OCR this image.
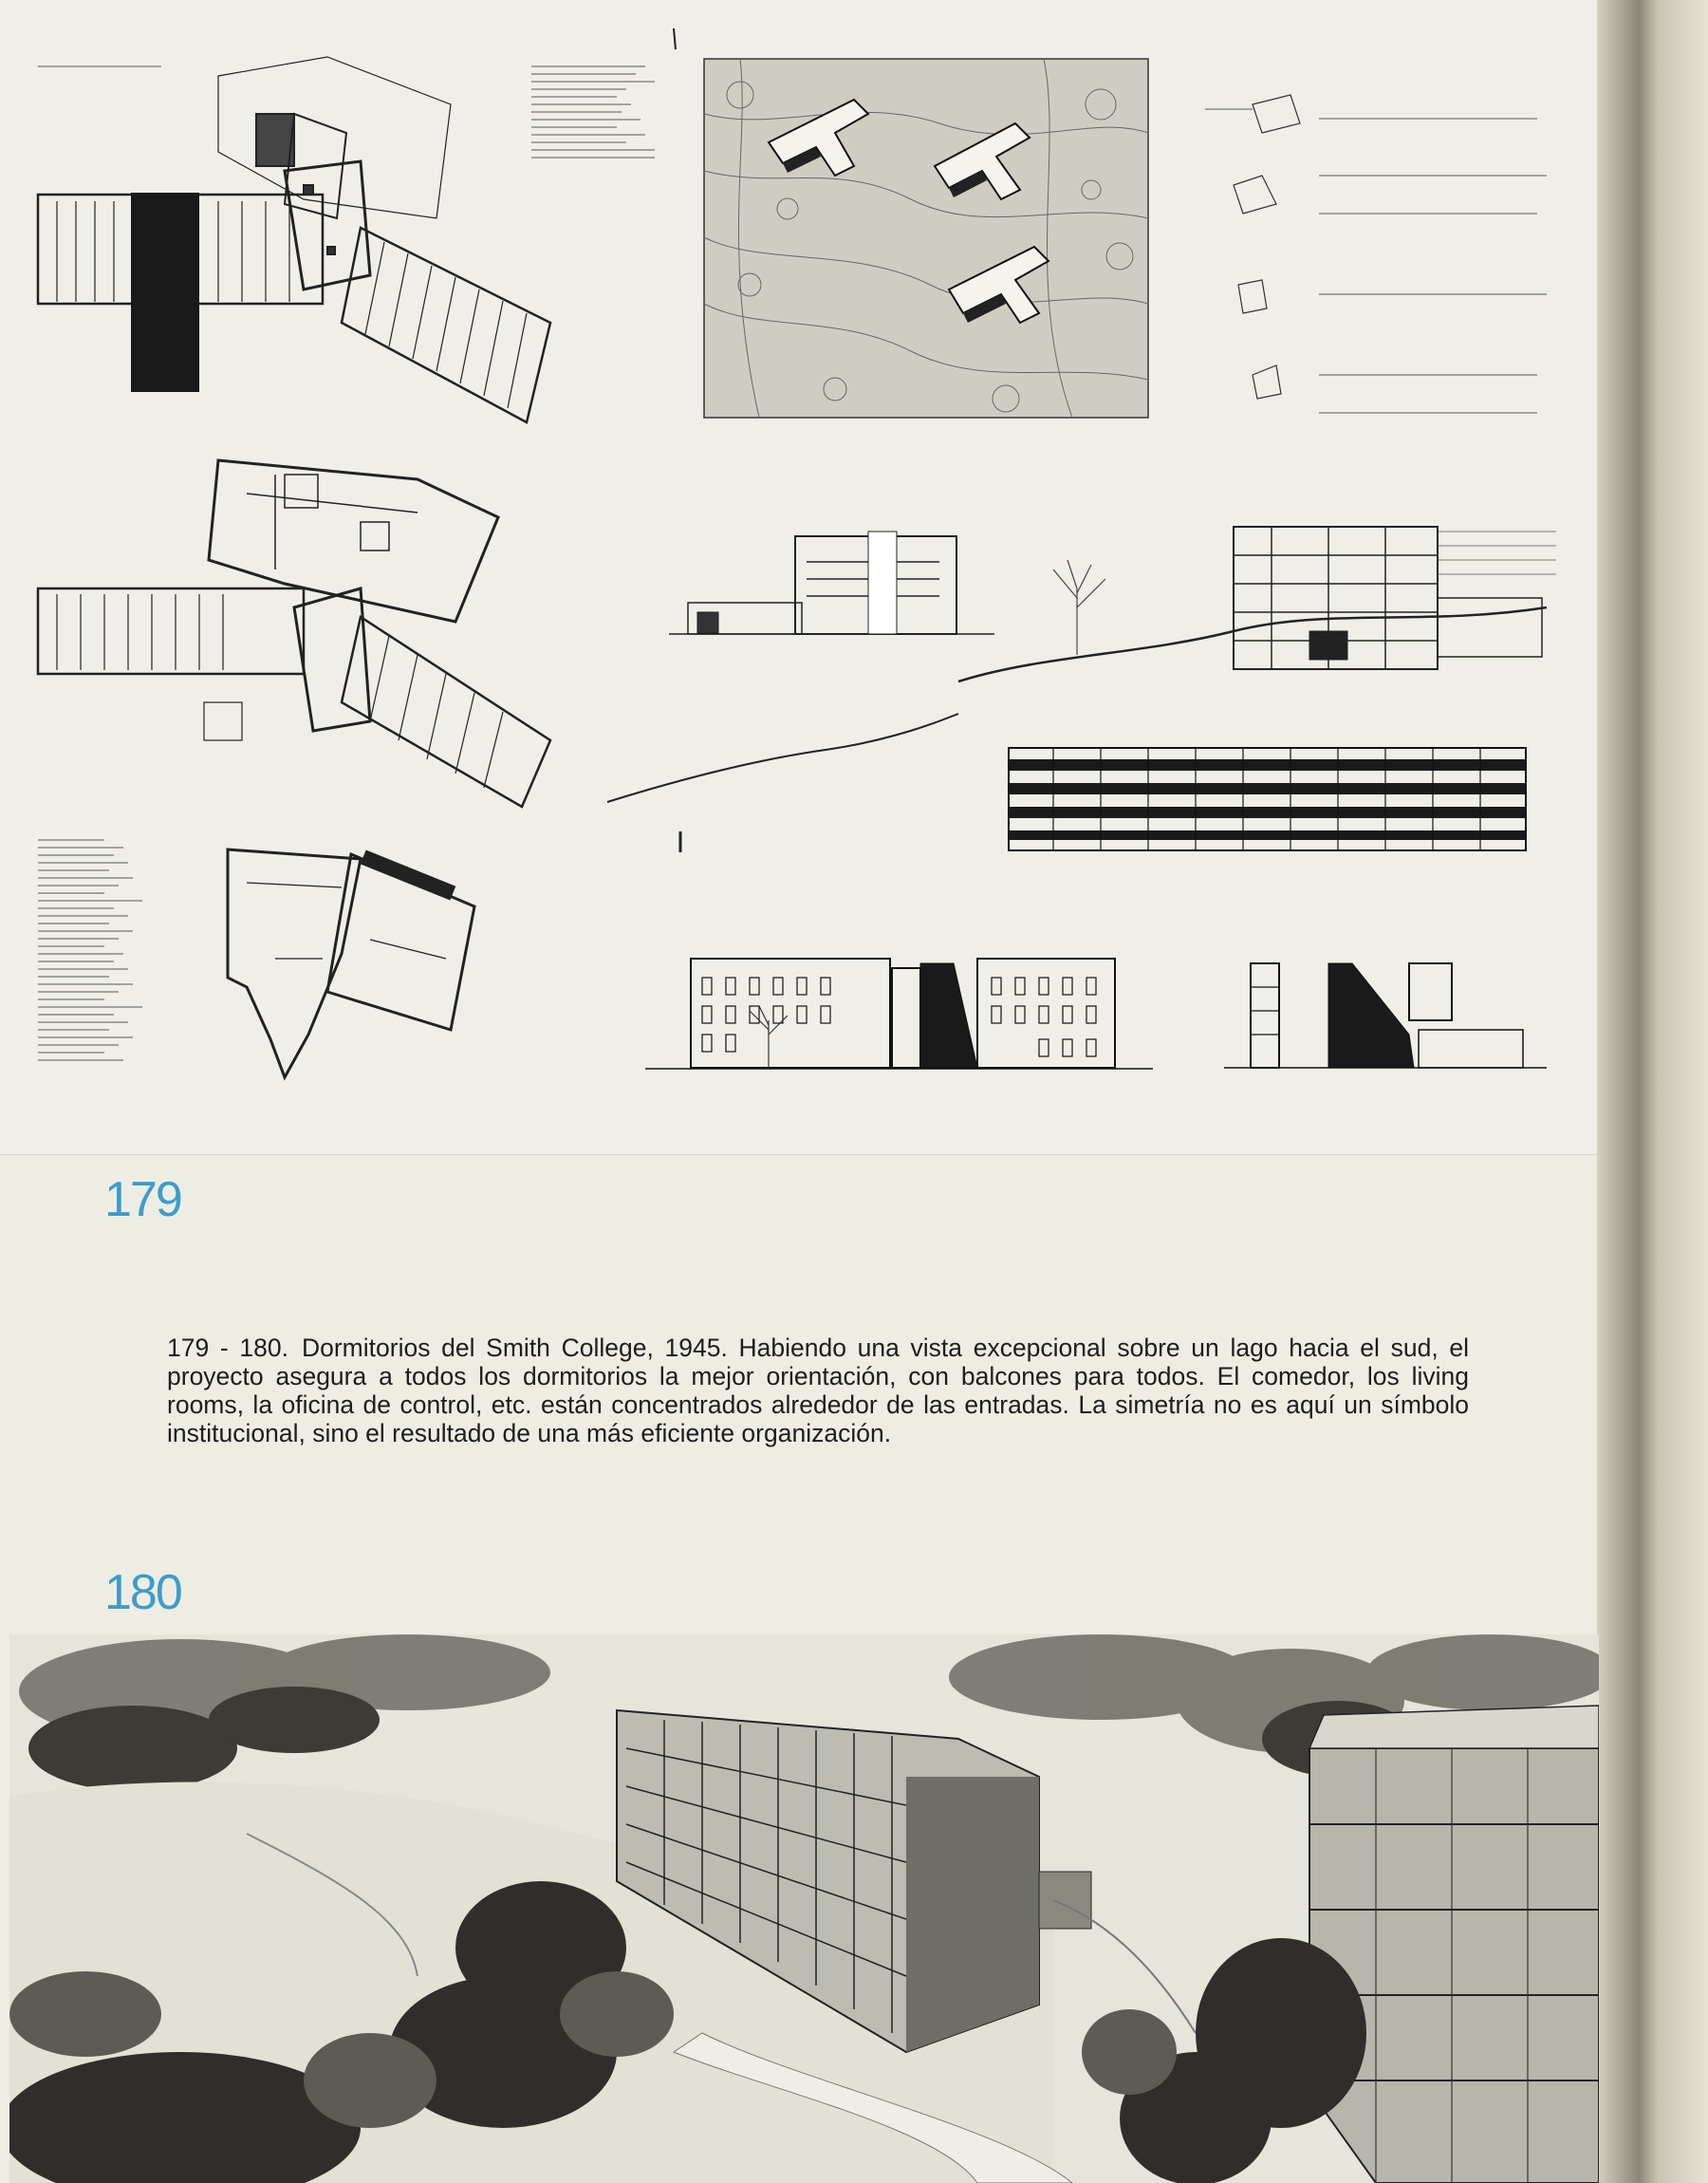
179

179 - 180. Dormitorios del Smith College, 1945. Habiendo una vista excepcional sobre un lago hacia el sud, el proyecto asegura a todos los dormitorios la mejor orientación, con balcones para todos. El comedor, los living rooms, la oficina de control, etc. están concentrados alrededor de las entradas. La simetría no es aquí un símbolo institucional, sino el resultado de una más eficiente organización.

180
